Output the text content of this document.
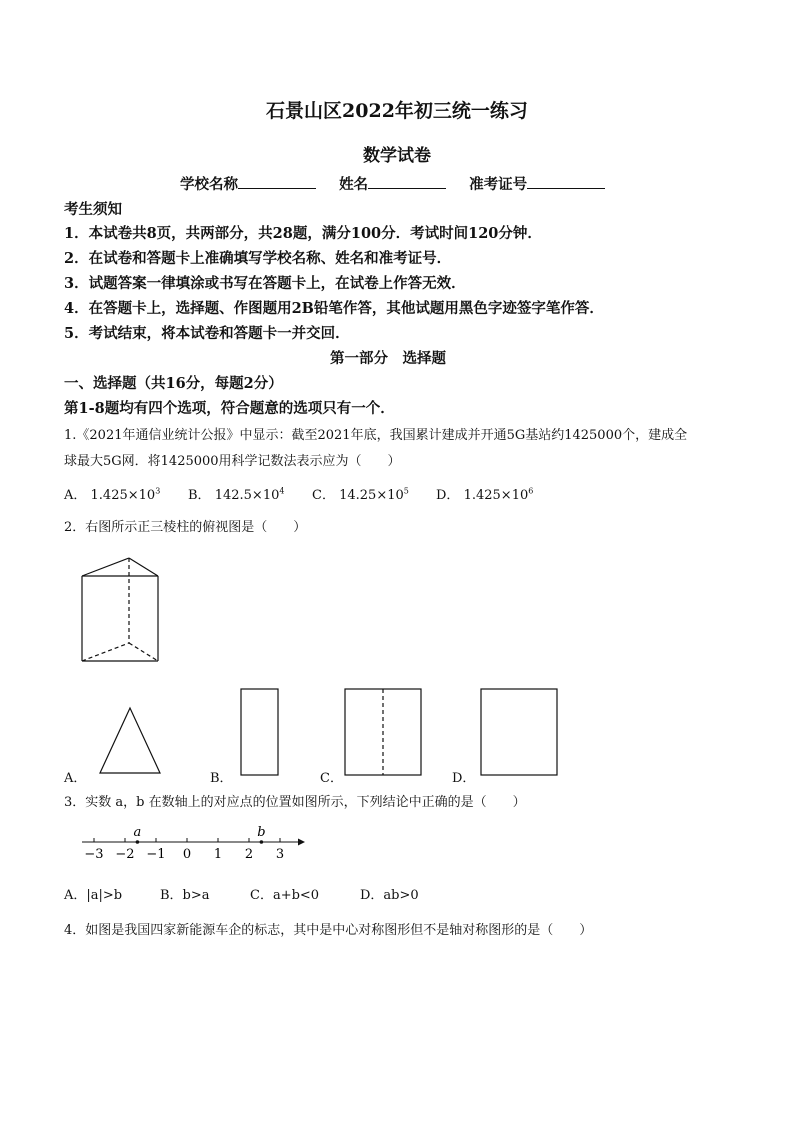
石景山区2022年初三统一练习
数学试卷
学校名称	姓名	准考证号
考生须知
1．本试卷共8页，共两部分，共28题，满分100分．考试时间120分钟．
2．在试卷和答题卡上准确填写学校名称、姓名和准考证号．
3．试题答案一律填涂或书写在答题卡上，在试卷上作答无效．
4．在答题卡上，选择题、作图题用2B铅笔作答，其他试题用黑色字迹签字笔作答．
5．考试结束，将本试卷和答题卡一并交回．
第一部分　选择题
一、选择题（共16分，每题2分）
第1-8题均有四个选项，符合题意的选项只有一个．
1.《2021年通信业统计公报》中显示：截至2021年底，我国累计建成并开通5G基站约1425000个，建成全
球最大5G网．将1425000用科学记数法表示应为（　　）
A． $1.425\times 10^3$ B． $142.5\times 10^4$ C． $14.25\times 10^5$ D． $1.425\times 10^6$
2．右图所示正三棱柱的俯视图是（　　）
A．	B．	C．	D．
3．实数 a，b 在数轴上的对应点的位置如图所示，下列结论中正确的是（　　）
−3 −2 −1 0 1 2 3
a	b
A．|a|>b	B．b>a	C．a+b<0	D．ab>0
4．如图是我国四家新能源车企的标志，其中是中心对称图形但不是轴对称图形的是（　　）
